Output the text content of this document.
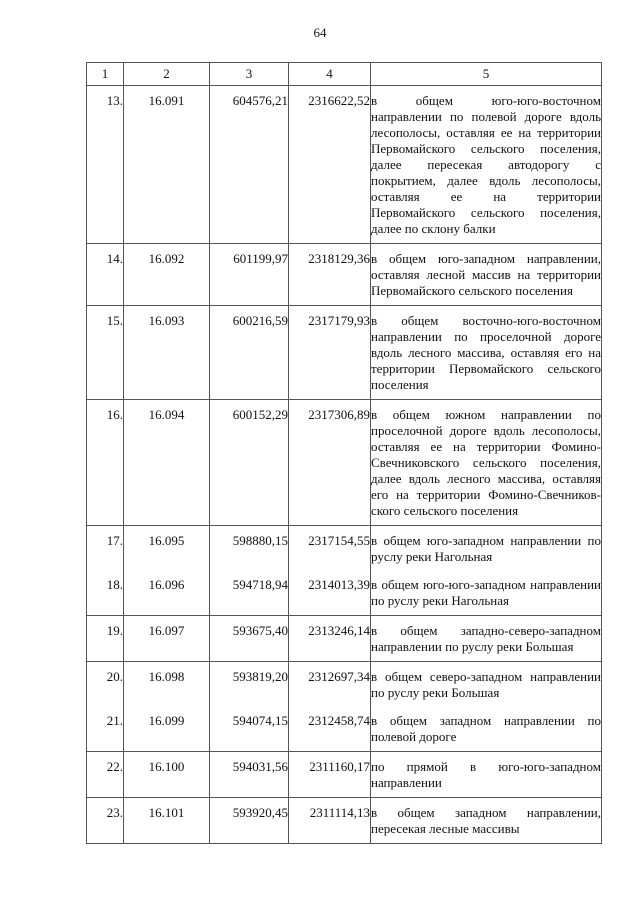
64
1	2	3	4	5
13.	16.091	604576,21	2316622,52	в общем юго-юго-восточном направлении по полевой дороге вдоль лесополосы, оставляя ее на территории Первомайского сельского поселения, далее пересекая автодорогу с покрытием, далее вдоль лесополосы, оставляя ее на территории Первомайского сельского поселения, далее по склону балки
14.	16.092	601199,97	2318129,36	в общем юго-западном направлении, оставляя лесной массив на территории Первомайского сельского поселения
15.	16.093	600216,59	2317179,93	в общем восточно-юго-восточном направлении по проселочной дороге вдоль лесного массива, оставляя его на территории Первомайского сельского поселения
16.	16.094	600152,29	2317306,89	в общем южном направлении по проселочной дороге вдоль лесополосы, оставляя ее на территории Фомино-Свечниковского сельского поселения, далее вдоль лесного массива, оставляя его на территории Фомино-Свечниковского сельского поселения
17.	16.095	598880,15	2317154,55	в общем юго-западном направлении по руслу реки Нагольная
18.	16.096	594718,94	2314013,39	в общем юго-юго-западном направлении по руслу реки Нагольная
19.	16.097	593675,40	2313246,14	в общем западно-северо-западном направлении по руслу реки Большая
20.	16.098	593819,20	2312697,34	в общем северо-западном направлении по руслу реки Большая
21.	16.099	594074,15	2312458,74	в общем западном направлении по полевой дороге
22.	16.100	594031,56	2311160,17	по прямой в юго-юго-западном направлении
23.	16.101	593920,45	2311114,13	в общем западном направлении, пересекая лесные массивы
